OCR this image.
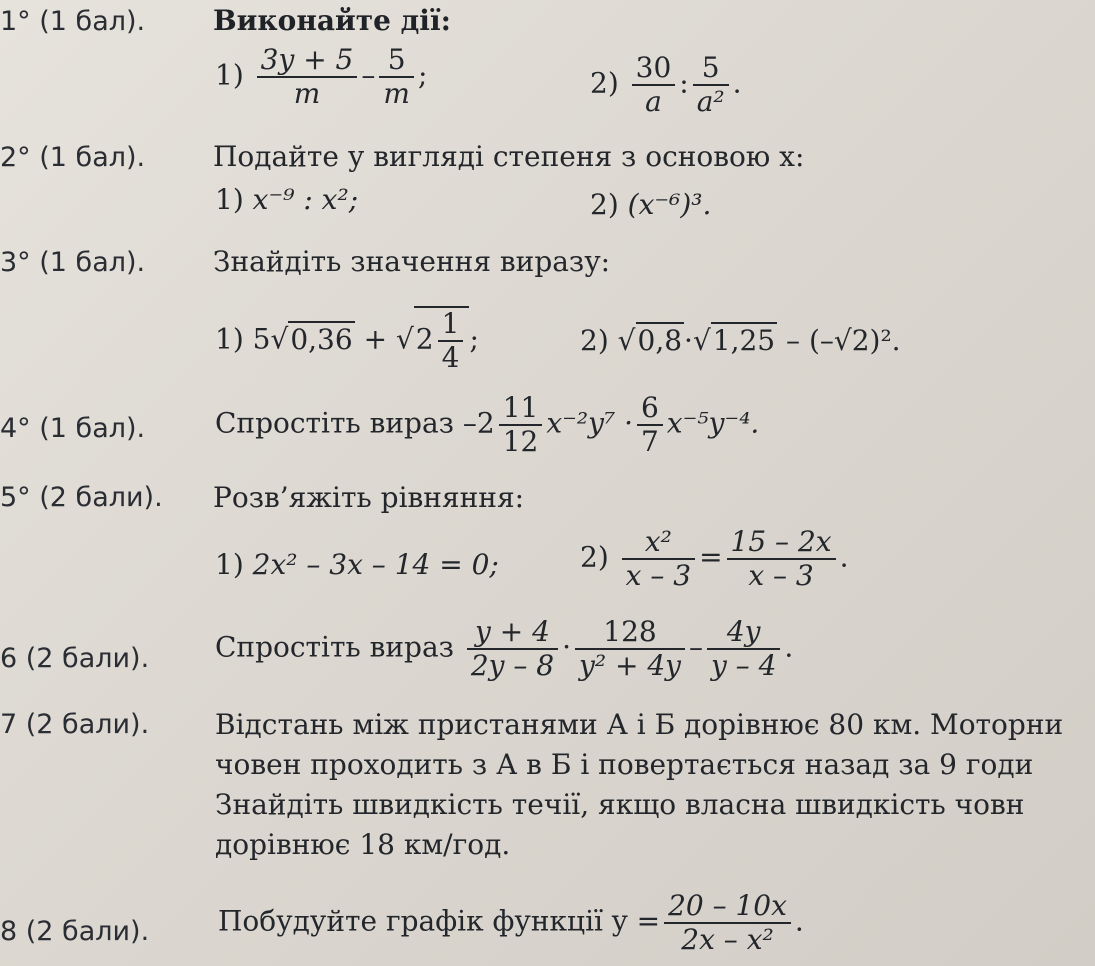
1° (1 бал). Виконайте дії:
$1) \frac{3y + 5}{m} - \frac{5}{m}$ ;	$2) \frac{30}{a}$ : $\frac{5}{\text{a²}}$ .
2° (1 бал). Подайте у вигляді степеня з основою x:
1) x⁻⁹ : x²;	2) (x⁻⁶)³.
3° (1 бал). Знайдіть значення виразу:
1) $5√0,36 + √2 \frac{1}{4}$ ;	2) √0,8·√1,25 – (–√2)².
4° (1 бал). Спростіть вираз $-2 \frac{11}{12} x^{-2}y^7 \cdot \frac{6}{7} x^{-5}y^{-4}$.
5° (2 бали). Розв’яжіть рівняння:
1) 2x² – 3x – 14 = 0;	$2) \frac{\text{x²}}{x - 3} = \frac{15 - 2x}{x - 3}$ .
6 (2 бали). Спростіть вираз $\frac{y + 4}{2y - 8} \cdot \frac{128}{\text{y² + 4y}} - \frac{4y}{y - 4}$ .
7 (2 бали). Відстань між пристанями А і Б дорівнює 80 км. Моторни
човен проходить з А в Б і повертається назад за 9 годи
Знайдіть швидкість течії, якщо власна швидкість човн
дорівнює 18 км/год.
8 (2 бали). Побудуйте графік функції $y = \frac{20 - 10x}{\text{2x – x²}}$ .
